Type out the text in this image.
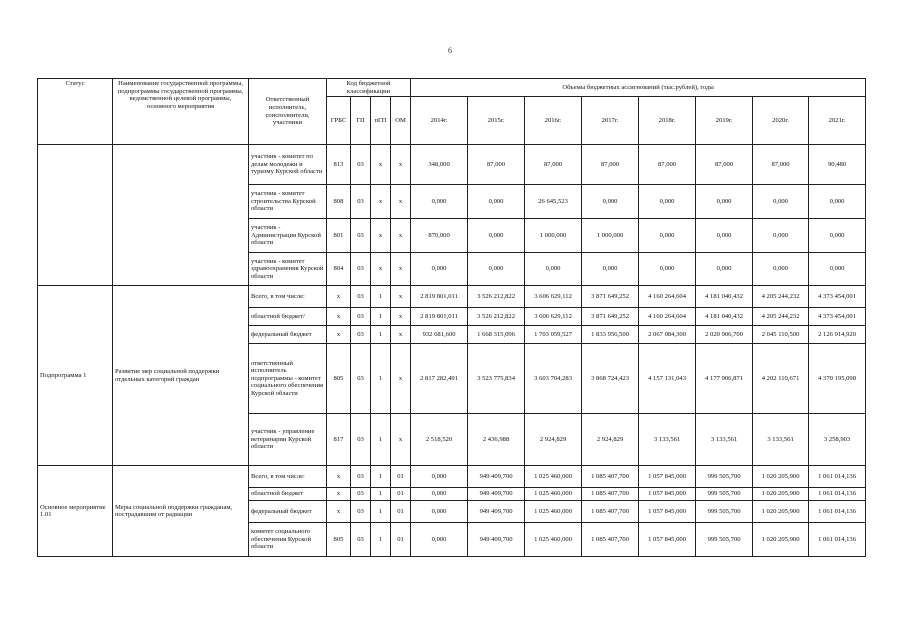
6
Статус	Наименование государственной программы, подпрограммы государственной программы, ведомственной целевой программы, основного мероприятия	Ответственный исполнитель, соисполнители, участники	Код бюджетной классификации				Объемы бюджетных ассигнований (тыс.рублей), годы							
			ГРБС	ГП	пГП	ОМ	2014г.	2015г.	2016г.	2017г.	2018г.	2019г.	2020г.	2021г.
		участник - комитет по делам молодежи и туризму Курской области	813	03	х	х	348,000	87,000	87,000	87,000	87,000	87,000	87,000	90,480
		участник - комитет строительства Курской области	808	03	х	х	0,000	0,000	26 645,523	0,000	0,000	0,000	0,000	0,000
		участник - Администрация Курской области	801	03	х	х	870,000	0,000	1 000,000	1 000,000	0,000	0,000	0,000	0,000
		участник - комитет здравоохранения Курской области	804	03	х	х	0,000	0,000	0,000	0,000	0,000	0,000	0,000	0,000
Подпрограмма 1	Развитие мер социальной поддержки отдельных категорий граждан	Всего, в том числе:	х	03	1	х	2 819 801,011	3 526 212,822	3 606 629,112	3 871 649,252	4 160 264,604	4 181 040,432	4 205 244,232	4 373 454,001
		областной бюджет/	х	03	1	х	2 819 801,011	3 526 212,822	3 606 629,112	3 871 649,252	4 160 264,604	4 181 040,432	4 205 244,232	4 373 454,001
		федеральный бюджет	х	03	1	х	932 681,600	1 668 315,096	1 703 059,527	1 833 956,500	2 067 084,300	2 020 906,700	2 045 110,500	2 126 914,920
		ответственный исполнитель подпрограммы - комитет социального обеспечения Курской области	805	03	1	х	2 817 282,491	3 523 775,834	3 603 704,283	3 868 724,423	4 157 131,043	4 177 906,871	4 202 110,671	4 370 195,098
		участник - управление ветеринарии Курской области	817	03	1	х	2 518,520	2 436,988	2 924,829	2 924,829	3 133,561	3 133,561	3 133,561	3 258,903
Основное мероприятие 1.01	Меры социальной поддержки гражданам, пострадавшим от радиации	Всего, в том числе:	х	03	1	01	0,000	949 409,700	1 025 460,000	1 085 407,700	1 057 845,000	999 505,700	1 020 205,900	1 061 014,136
		областной бюджет	х	03	1	01	0,000	949 409,700	1 025 460,000	1 085 407,700	1 057 845,000	999 505,700	1 020 205,900	1 061 014,136
		федеральный бюджет	х	03	1	01	0,000	949 409,700	1 025 460,000	1 085 407,700	1 057 845,000	999 505,700	1 020 205,900	1 061 014,136
		комитет социального обеспечения Курской области	805	03	1	01	0,000	949 409,700	1 025 460,000	1 085 407,700	1 057 845,000	999 505,700	1 020 205,900	1 061 014,136
